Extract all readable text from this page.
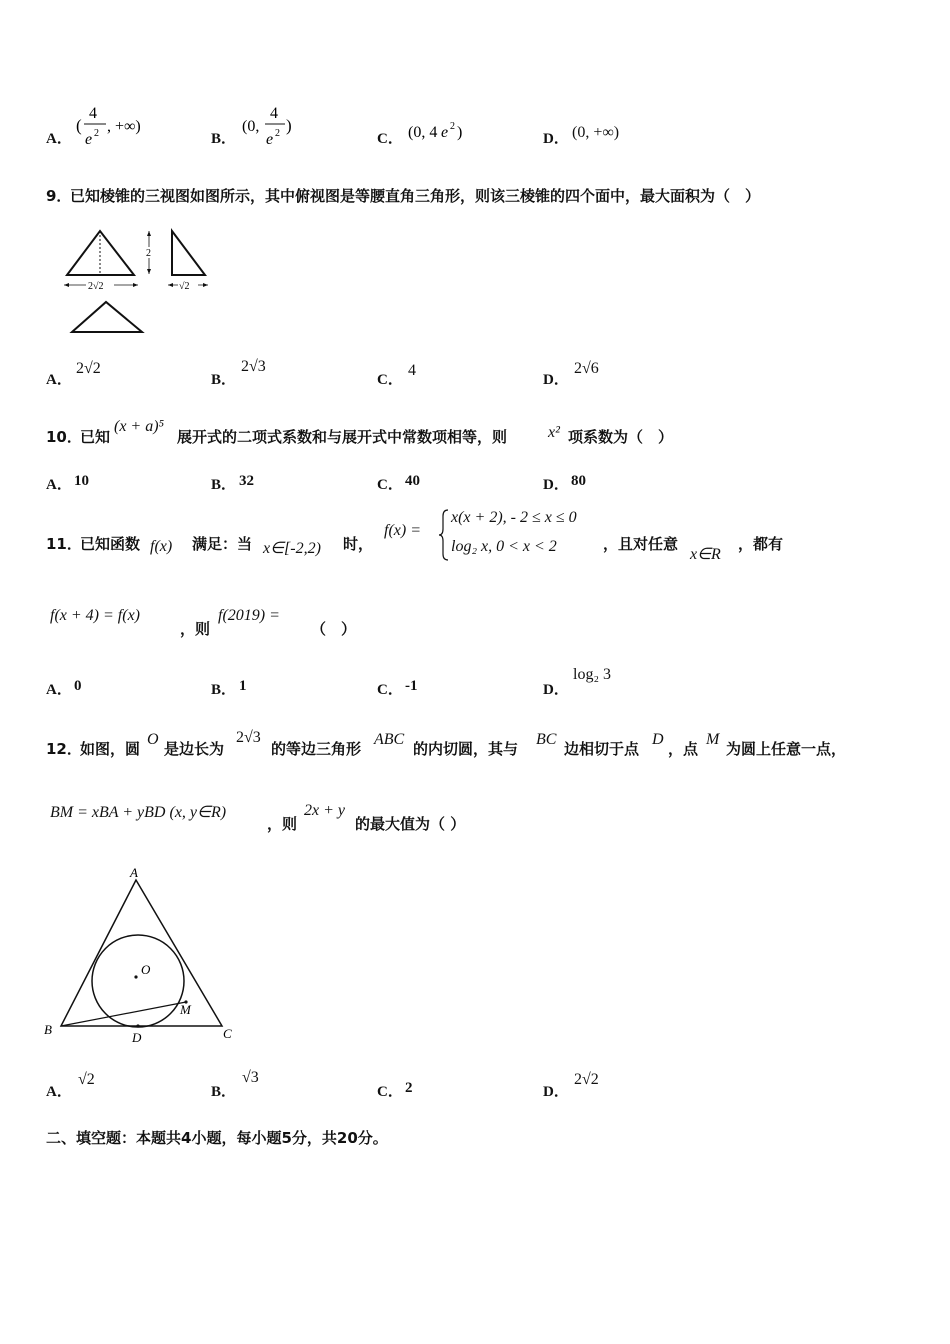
A．
(
4
e 2 , +∞)
B．
(0,
4
e 2 )
C． (0, 4 e 2 )	D． (0, +∞)
9．
已知棱锥的三视图如图所示，其中俯视图是等腰直角三角形，则该三棱锥的四个面中，最大面积为（　）
2√2
2
√2
A．
2√2
B．
2√3
C．
4
D．
2√6
10．
已知
(x + a)⁵
展开式的二项式系数和与展开式中常数项相等，则	x² 项系数为（　）
A． 10	B． 32	C． 40	D． 80
11．
已知函数 f(x) 满足：当 x∈[-2,2) 时，
f(x) =
x(x + 2), - 2 ≤ x ≤ 0
log₂ x, 0 < x < 2	，且对任意
x∈R
，都有
f(x + 4) = f(x)
，则
f(2019) =
（　）
A． 0	B． 1	C． -1	D．
log₂ 3
12．
如图，圆
O
是边长为
2√3
的等边三角形
ABC
的内切圆，其与
BC
边相切于点
D
，点
M
为圆上任意一点，
BM = xBA + yBD (x, y∈R)
，则
2x + y
的最大值为（ ）
A
B	C
D
O
M
A．
√2
B．
√3
C． 2	D．
2√2
二、填空题：本题共4小题，每小题5分，共20分。
